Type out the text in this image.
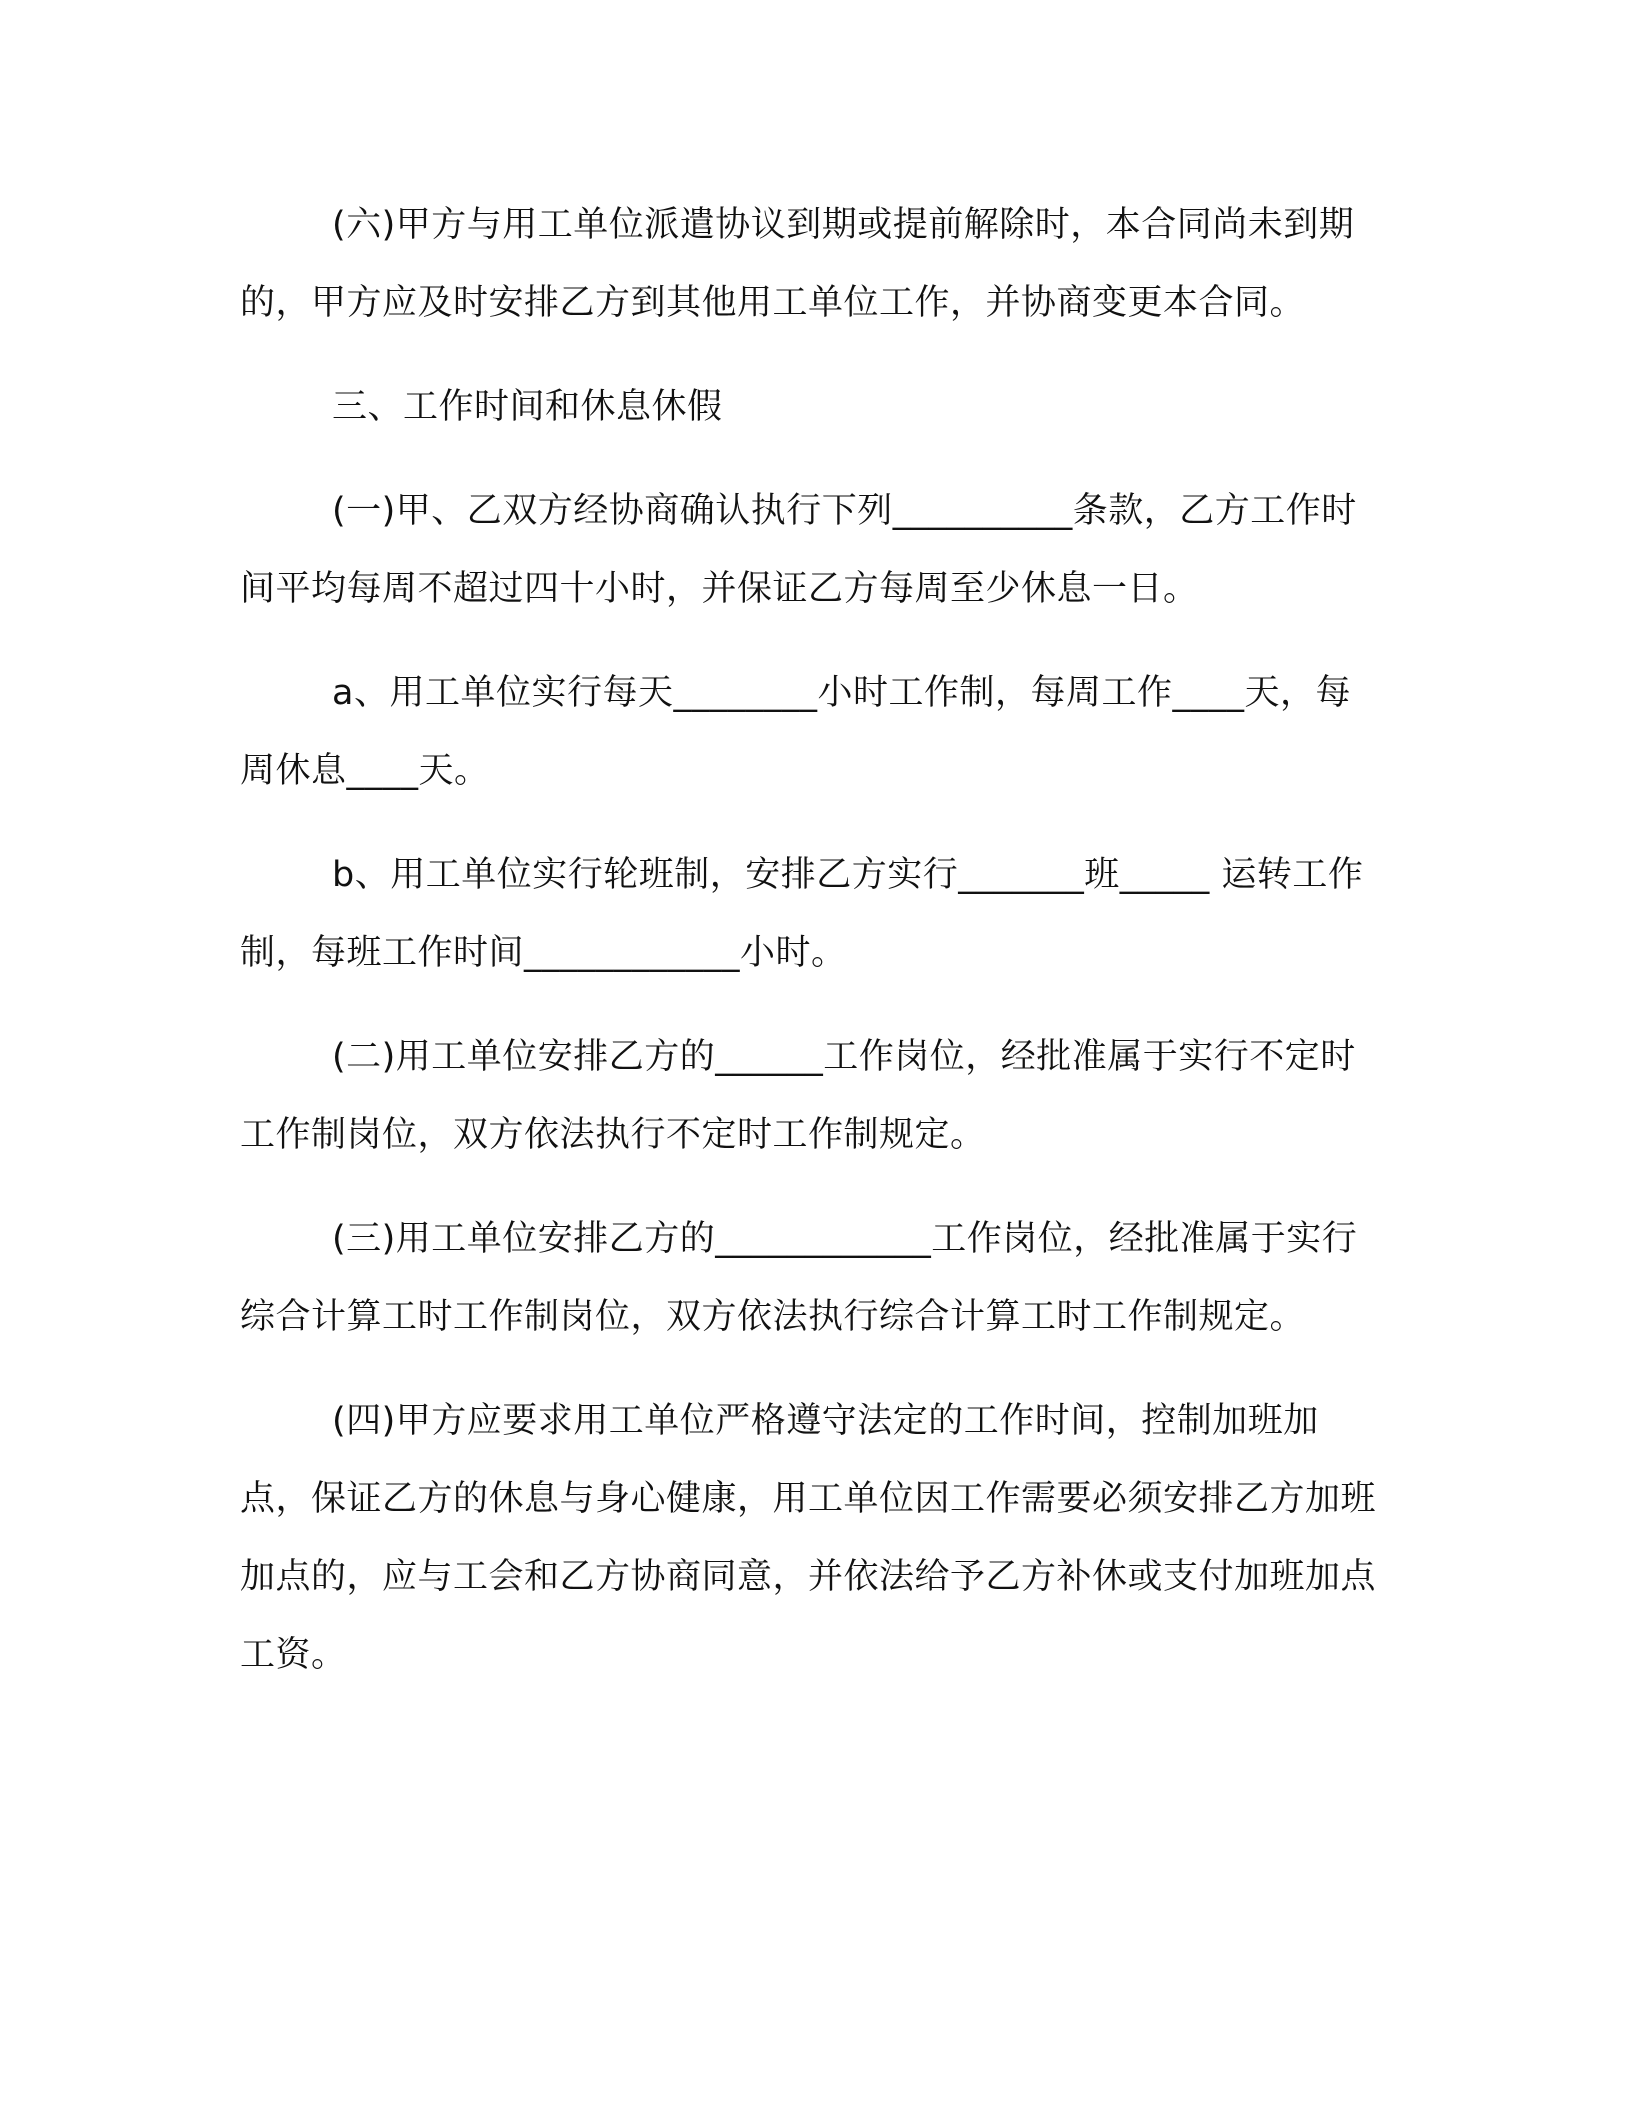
(六)甲方与用工单位派遣协议到期或提前解除时，本合同尚未到期的，甲方应及时安排乙方到其他用工单位工作，并协商变更本合同。

三、工作时间和休息休假

(一)甲、乙双方经协商确认执行下列__________条款，乙方工作时间平均每周不超过四十小时，并保证乙方每周至少休息一日。

a、用工单位实行每天________小时工作制，每周工作____天，每周休息____天。

b、用工单位实行轮班制，安排乙方实行_______班_____ 运转工作制，每班工作时间____________小时。

(二)用工单位安排乙方的______工作岗位，经批准属于实行不定时工作制岗位，双方依法执行不定时工作制规定。

(三)用工单位安排乙方的____________工作岗位，经批准属于实行综合计算工时工作制岗位，双方依法执行综合计算工时工作制规定。

(四)甲方应要求用工单位严格遵守法定的工作时间，控制加班加点，保证乙方的休息与身心健康，用工单位因工作需要必须安排乙方加班加点的，应与工会和乙方协商同意，并依法给予乙方补休或支付加班加点工资。
